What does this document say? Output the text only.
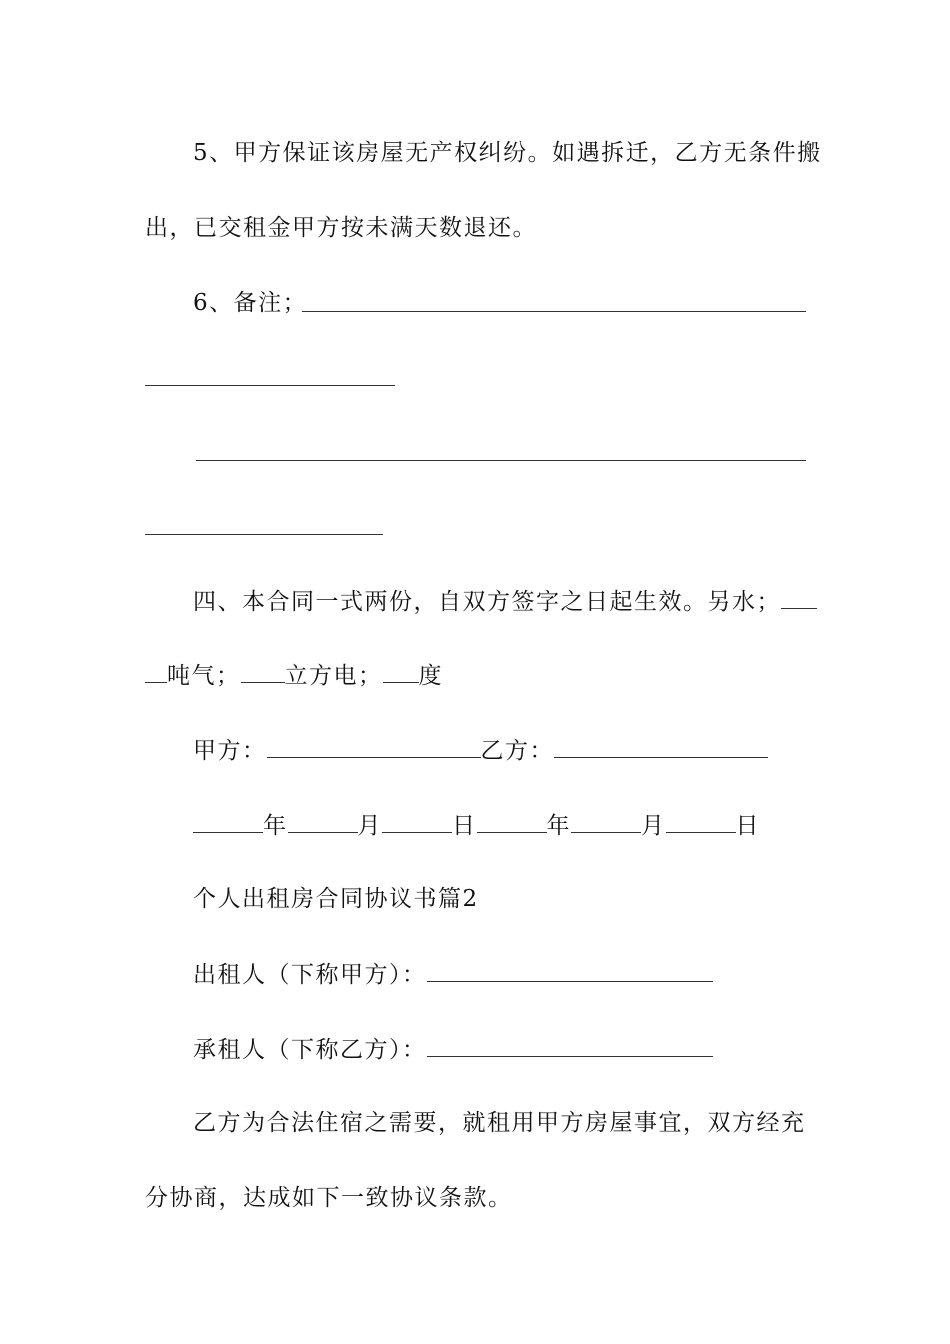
5、甲方保证该房屋无产权纠纷。如遇拆迁，乙方无条件搬
出，已交租金甲方按未满天数退还。
6、备注；
四、本合同一式两份，自双方签字之日起生效。另水；
吨气； 立方电； 度
甲方：	乙方：
年	月	日	年	月	日
个人出租房合同协议书篇2
出租人（下称甲方）：
承租人（下称乙方）：
乙方为合法住宿之需要，就租用甲方房屋事宜，双方经充
分协商，达成如下一致协议条款。
